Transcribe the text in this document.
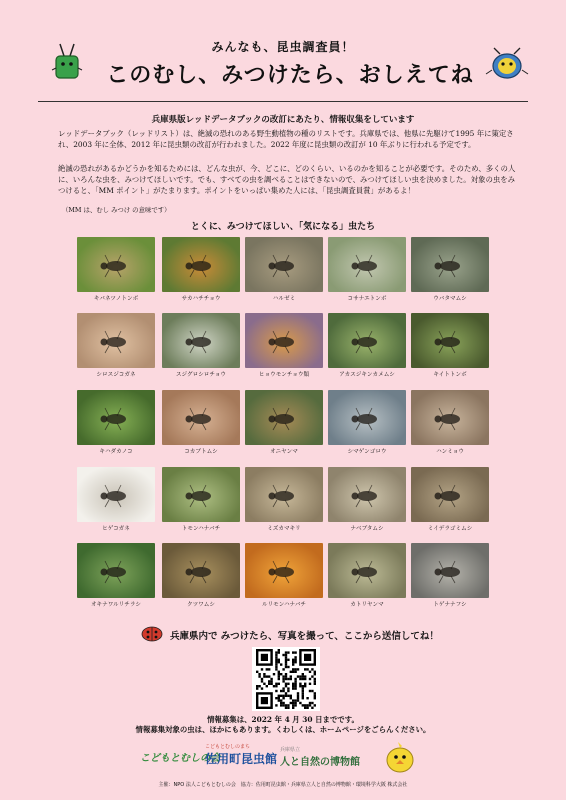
みんなも、昆虫調査員！
このむし、みつけたら、おしえてね
兵庫県版レッドデータブックの改訂にあたり、情報収集をしています
レッドデータブック（レッドリスト）は、絶滅の恐れのある野生動植物の種のリストです。兵庫県では、他県に先駆けて1995 年に策定され、2003 年に全体、2012 年に昆虫類の改訂が行われました。2022 年度に昆虫類の改訂が 10 年ぶりに行われる予定です。
絶滅の恐れがあるかどうかを知るためには、どんな虫が、今、どこに、どのくらい、いるのかを知ることが必要です。そのため、多くの人に、いろんな虫を、みつけてほしいです。でも、すべての虫を調べることはできないので、みつけてほしい虫を決めました。対象の虫をみつけると、「MM ポイント」がたまります。ポイントをいっぱい集めた人には、「昆虫調査員賞」があるよ！
（MM は、むし みつけ の意味です）
とくに、みつけてほしい、「気になる」虫たち
キバネツノトンボ	サカハチチョウ	ハルゼミ	コサナエトンボ	ウバタマムシ
シロスジコガネ	スジグロシロチョウ	ヒョウモンチョウ類	アカスジキンカメムシ	キイトトンボ
キハダカノコ	コカブトムシ	オニヤンマ	シマゲンゴロウ	ハンミョウ
ヒゲコガネ	トモンハナバチ	ミズカマキリ	ナベブタムシ	ミイデラゴミムシ
オキナワルリチラシ	クツワムシ	ルリモンハナバチ	カトリヤンマ	トゲナナフシ
兵庫県内で みつけたら、写真を撮って、ここから送信してね！
情報募集は、2022 年 4 月 30 日までです。
情報募集対象の虫は、ほかにもあります。くわしくは、ホームページをごらんください。
こどもとむしの会
こどもとむしのまち
佐用町昆虫館
兵庫県立
人と自然の博物館
主催：NPO 法人こどもとむしの会　協力：佐用町昆虫館・兵庫県立人と自然の博物館・環境科学大阪 株式会社
